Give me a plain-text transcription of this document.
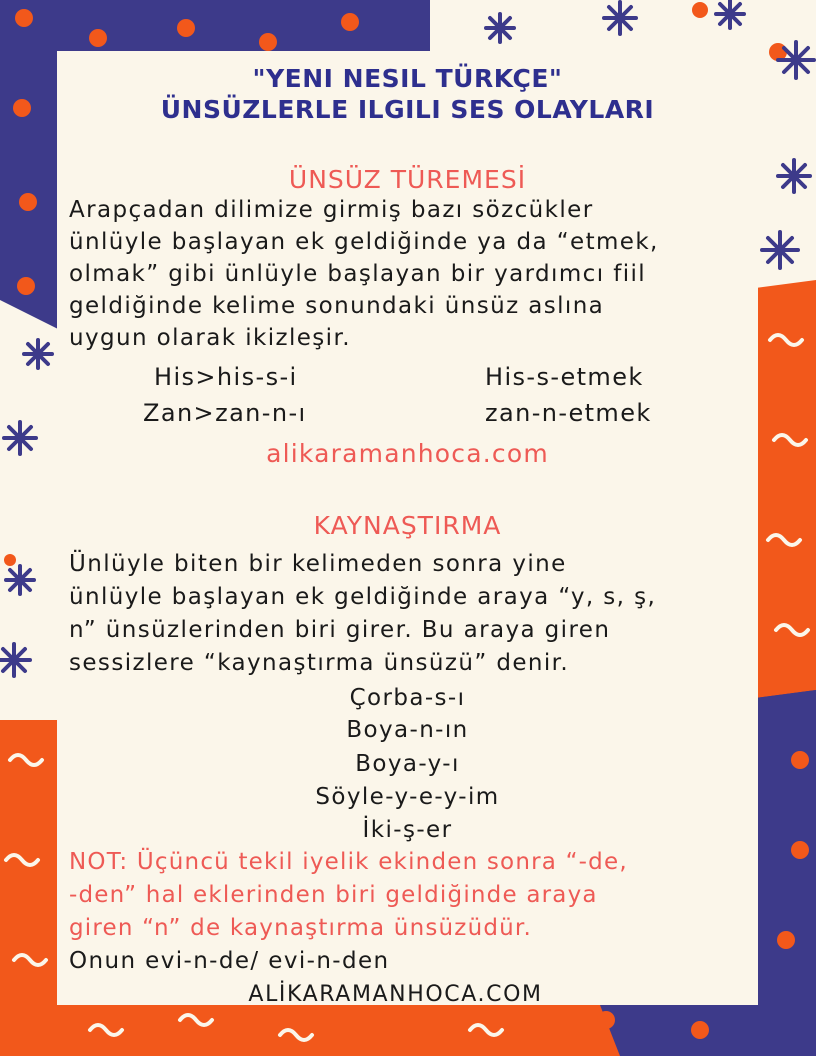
"YENI NESIL TÜRKÇE"

ÜNSÜZLERLE ILGILI SES OLAYLARI

ÜNSÜZ TÜREMESİ

Arapçadan dilimize girmiş bazı sözcükler

ünlüyle başlayan ek geldiğinde ya da “etmek,

olmak” gibi ünlüyle başlayan bir yardımcı fiil

geldiğinde kelime sonundaki ünsüz aslına

uygun olarak ikizleşir.

His>his-s-i	His-s-etmek

Zan>zan-n-ı	zan-n-etmek

alikaramanhoca.com

KAYNAŞTIRMA

Ünlüyle biten bir kelimeden sonra yine

ünlüyle başlayan ek geldiğinde araya “y, s, ş,

n” ünsüzlerinden biri girer. Bu araya giren

sessizlere “kaynaştırma ünsüzü” denir.

Çorba-s-ı

Boya-n-ın

Boya-y-ı

Söyle-y-e-y-im

İki-ş-er

NOT: Üçüncü tekil iyelik ekinden sonra “-de,

-den” hal eklerinden biri geldiğinde araya

giren “n” de kaynaştırma ünsüzüdür.

Onun evi-n-de/ evi-n-den

ALİKARAMANHOCA.COM
